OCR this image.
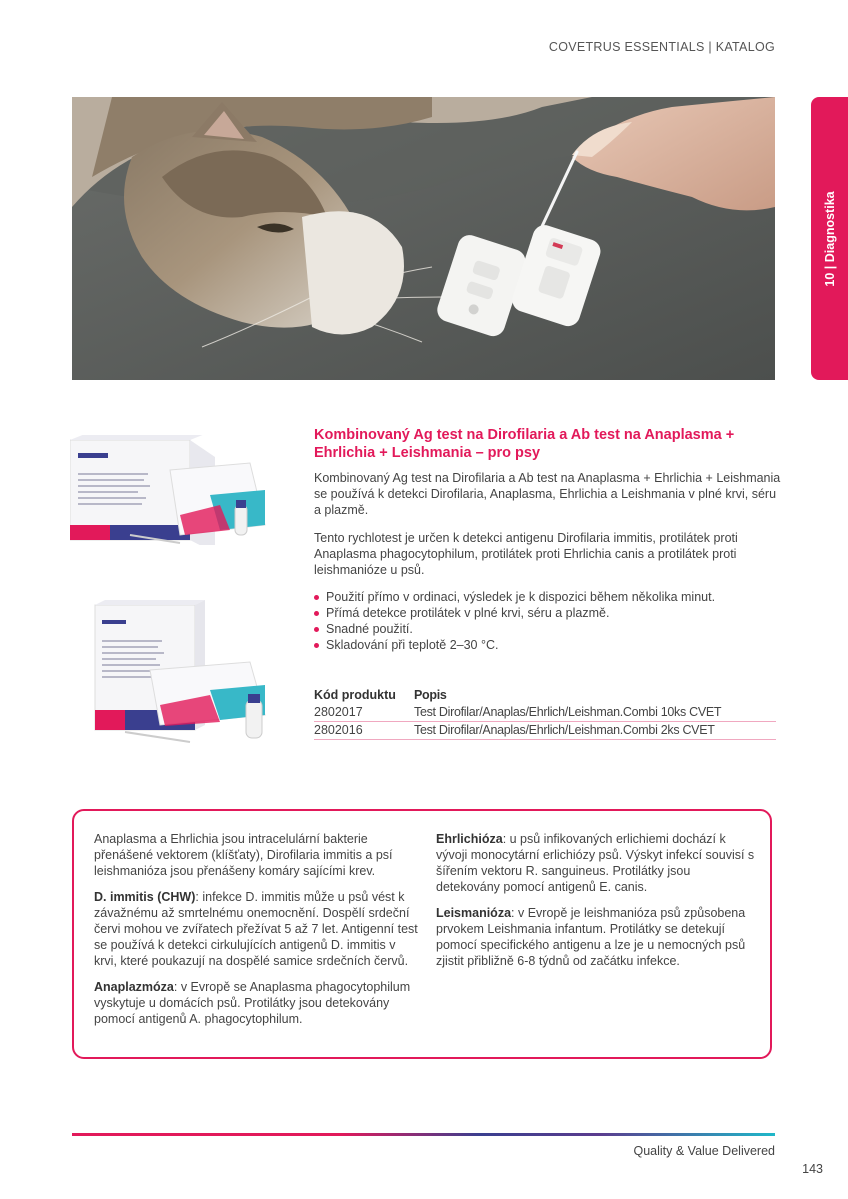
COVETRUS ESSENTIALS | KATALOG
10 | Diagnostika
Kombinovaný Ag test na Dirofilaria a Ab test na Anaplasma + Ehrlichia + Leishmania – pro psy
Kombinovaný Ag test na Dirofilaria a Ab test na Anaplasma + Ehrlichia + Leishmania se používá k detekci Dirofilaria, Anaplasma, Ehrlichia a Leishmania v plné krvi, séru a plazmě.
Tento rychlotest je určen k detekci antigenu Dirofilaria immitis, protilátek proti Anaplasma phagocytophilum, protilátek proti Ehrlichia canis a protilátek proti leishmanióze u psů.
Použití přímo v ordinaci, výsledek je k dispozici během několika minut.
Přímá detekce protilátek v plné krvi, séru a plazmě.
Snadné použití.
Skladování při teplotě 2–30 °C.
Kód produktu	Popis
2802017	Test Dirofilar/Anaplas/Ehrlich/Leishman.Combi 10ks CVET
2802016	Test Dirofilar/Anaplas/Ehrlich/Leishman.Combi 2ks CVET

Anaplasma a Ehrlichia jsou intracelulární bakterie přenášené vektorem (klíšťaty), Dirofilaria immitis a psí leishmanióza jsou přenášeny komáry sajícími krev.

D. immitis (CHW): infekce D. immitis může u psů vést k závažnému až smrtelnému onemocnění. Dospělí srdeční červi mohou ve zvířatech přežívat 5 až 7 let. Antigenní test se používá k detekci cirkulujících antigenů D. immitis v krvi, které poukazují na dospělé samice srdečních červů.

Anaplazmóza: v Evropě se Anaplasma phagocytophilum vyskytuje u domácích psů. Protilátky jsou detekovány pomocí antigenů A. phagocytophilum.

Ehrlichióza: u psů infikovaných erlichiemi dochází k vývoji monocytární erlichiózy psů. Výskyt infekcí souvisí s šířením vektoru R. sanguineus. Protilátky jsou detekovány pomocí antigenů E. canis.

Leismanióza: v Evropě je leishmanióza psů způsobena prvokem Leishmania infantum. Protilátky se detekují pomocí specifického antigenu a lze je u nemocných psů zjistit přibližně 6-8 týdnů od začátku infekce.

Quality & Value Delivered
143
